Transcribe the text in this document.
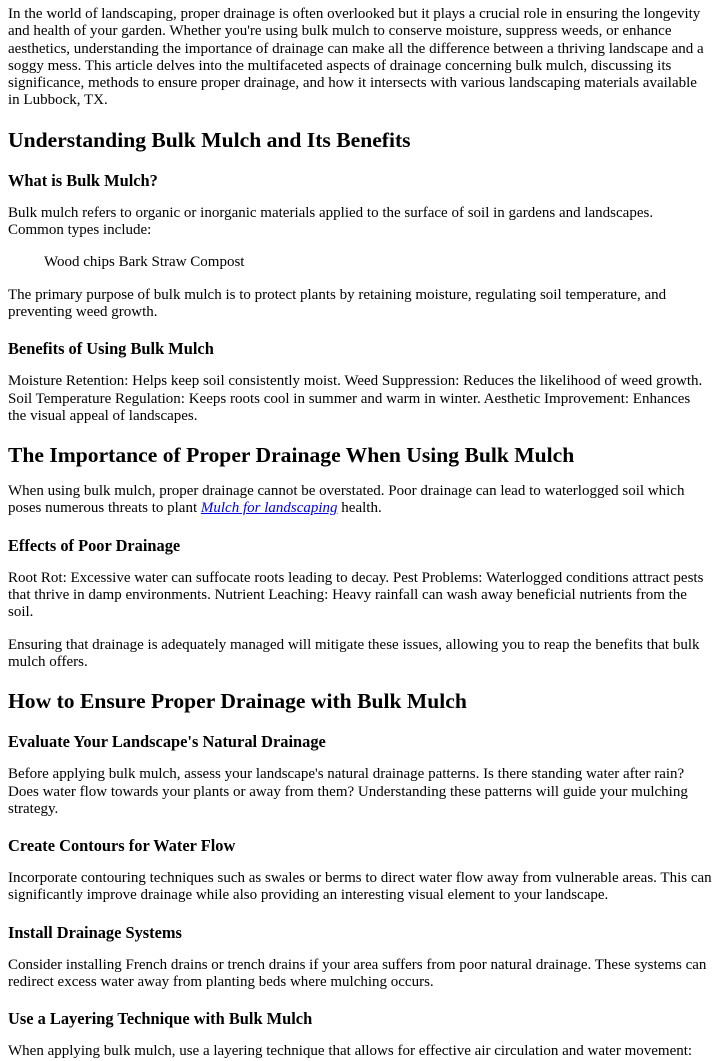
In the world of landscaping, proper drainage is often overlooked but it plays a crucial role in ensuring the longevity and health of your garden. Whether you're using bulk mulch to conserve moisture, suppress weeds, or enhance aesthetics, understanding the importance of drainage can make all the difference between a thriving landscape and a soggy mess. This article delves into the multifaceted aspects of drainage concerning bulk mulch, discussing its significance, methods to ensure proper drainage, and how it intersects with various landscaping materials available in Lubbock, TX.

Understanding Bulk Mulch and Its Benefits
What is Bulk Mulch?

Bulk mulch refers to organic or inorganic materials applied to the surface of soil in gardens and landscapes. Common types include:

Wood chips Bark Straw Compost

The primary purpose of bulk mulch is to protect plants by retaining moisture, regulating soil temperature, and preventing weed growth.

Benefits of Using Bulk Mulch

Moisture Retention: Helps keep soil consistently moist. Weed Suppression: Reduces the likelihood of weed growth. Soil Temperature Regulation: Keeps roots cool in summer and warm in winter. Aesthetic Improvement: Enhances the visual appeal of landscapes.

The Importance of Proper Drainage When Using Bulk Mulch

When using bulk mulch, proper drainage cannot be overstated. Poor drainage can lead to waterlogged soil which poses numerous threats to plant Mulch for landscaping health.

Effects of Poor Drainage

Root Rot: Excessive water can suffocate roots leading to decay. Pest Problems: Waterlogged conditions attract pests that thrive in damp environments. Nutrient Leaching: Heavy rainfall can wash away beneficial nutrients from the soil.

Ensuring that drainage is adequately managed will mitigate these issues, allowing you to reap the benefits that bulk mulch offers.

How to Ensure Proper Drainage with Bulk Mulch
Evaluate Your Landscape's Natural Drainage

Before applying bulk mulch, assess your landscape's natural drainage patterns. Is there standing water after rain? Does water flow towards your plants or away from them? Understanding these patterns will guide your mulching strategy.

Create Contours for Water Flow

Incorporate contouring techniques such as swales or berms to direct water flow away from vulnerable areas. This can significantly improve drainage while also providing an interesting visual element to your landscape.

Install Drainage Systems

Consider installing French drains or trench drains if your area suffers from poor natural drainage. These systems can redirect excess water away from planting beds where mulching occurs.

Use a Layering Technique with Bulk Mulch

When applying bulk mulch, use a layering technique that allows for effective air circulation and water movement:
